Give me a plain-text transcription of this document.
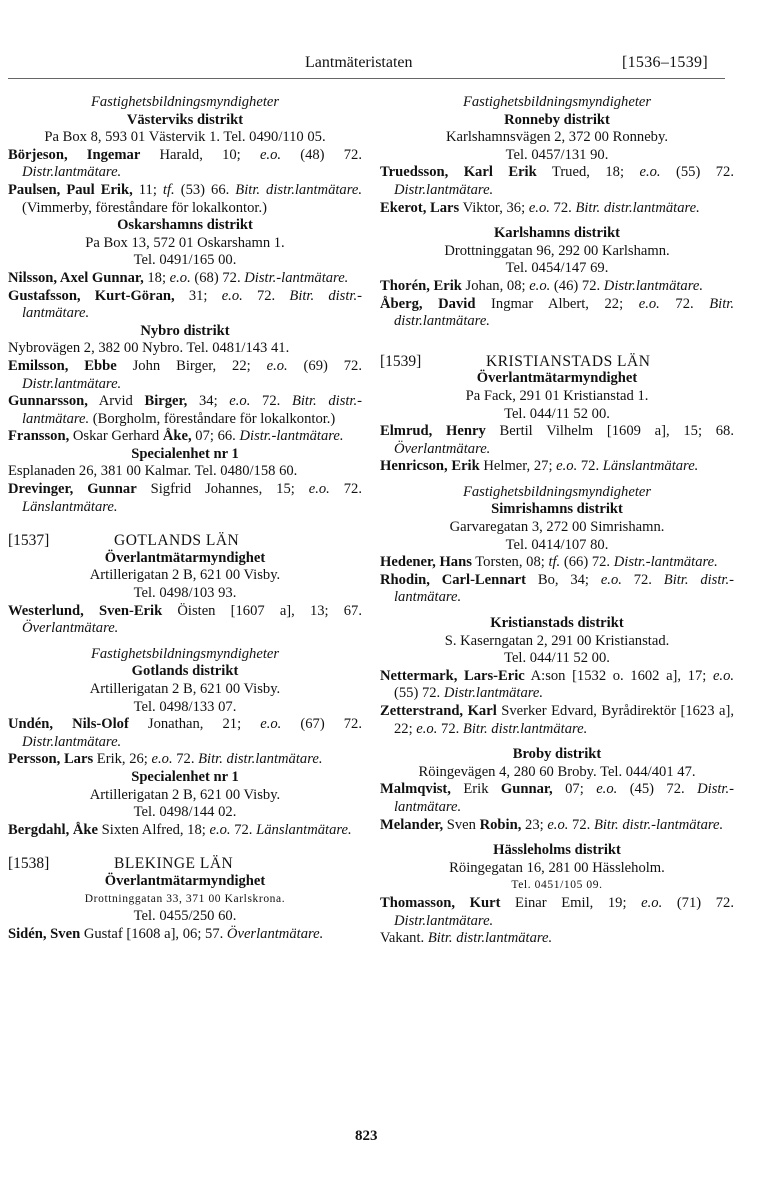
Lantmäteristaten	[1536–1539]
Fastighetsbildningsmyndigheter
Västerviks distrikt
Pa Box 8, 593 01 Västervik 1. Tel. 0490/110 05.
Börjeson, Ingemar Harald, 10; e.o. (48) 72. Distr.lantmätare.
Paulsen, Paul Erik, 11; tf. (53) 66. Bitr. distr.lantmätare. (Vimmerby, föreståndare för lokalkontor.)
Oskarshamns distrikt
Pa Box 13, 572 01 Oskarshamn 1.
Tel. 0491/165 00.
Nilsson, Axel Gunnar, 18; e.o. (68) 72. Distr.-lantmätare.
Gustafsson, Kurt-Göran, 31; e.o. 72. Bitr. distr.-lantmätare.
Nybro distrikt
Nybrovägen 2, 382 00 Nybro. Tel. 0481/143 41.
Emilsson, Ebbe John Birger, 22; e.o. (69) 72. Distr.lantmätare.
Gunnarsson, Arvid Birger, 34; e.o. 72. Bitr. distr.-lantmätare. (Borgholm, föreståndare för lokalkontor.)
Fransson, Oskar Gerhard Åke, 07; 66. Distr.-lantmätare.
Specialenhet nr 1
Esplanaden 26, 381 00 Kalmar. Tel. 0480/158 60.
Drevinger, Gunnar Sigfrid Johannes, 15; e.o. 72. Länslantmätare.
[1537]	GOTLANDS LÄN
Överlantmätarmyndighet
Artillerigatan 2 B, 621 00 Visby.
Tel. 0498/103 93.
Westerlund, Sven-Erik Öisten [1607 a], 13; 67. Överlantmätare.
Fastighetsbildningsmyndigheter
Gotlands distrikt
Artillerigatan 2 B, 621 00 Visby.
Tel. 0498/133 07.
Undén, Nils-Olof Jonathan, 21; e.o. (67) 72. Distr.lantmätare.
Persson, Lars Erik, 26; e.o. 72. Bitr. distr.lantmätare.
Specialenhet nr 1
Artillerigatan 2 B, 621 00 Visby.
Tel. 0498/144 02.
Bergdahl, Åke Sixten Alfred, 18; e.o. 72. Länslantmätare.
[1538]	BLEKINGE LÄN
Överlantmätarmyndighet
Drottninggatan 33, 371 00 Karlskrona.
Tel. 0455/250 60.
Sidén, Sven Gustaf [1608 a], 06; 57. Överlantmätare.
Fastighetsbildningsmyndigheter
Ronneby distrikt
Karlshamnsvägen 2, 372 00 Ronneby.
Tel. 0457/131 90.
Truedsson, Karl Erik Trued, 18; e.o. (55) 72. Distr.lantmätare.
Ekerot, Lars Viktor, 36; e.o. 72. Bitr. distr.lantmätare.
Karlshamns distrikt
Drottninggatan 96, 292 00 Karlshamn.
Tel. 0454/147 69.
Thorén, Erik Johan, 08; e.o. (46) 72. Distr.lantmätare.
Åberg, David Ingmar Albert, 22; e.o. 72. Bitr. distr.lantmätare.
[1539]	KRISTIANSTADS LÄN
Överlantmätarmyndighet
Pa Fack, 291 01 Kristianstad 1.
Tel. 044/11 52 00.
Elmrud, Henry Bertil Vilhelm [1609 a], 15; 68. Överlantmätare.
Henricson, Erik Helmer, 27; e.o. 72. Länslantmätare.
Fastighetsbildningsmyndigheter
Simrishamns distrikt
Garvaregatan 3, 272 00 Simrishamn.
Tel. 0414/107 80.
Hedener, Hans Torsten, 08; tf. (66) 72. Distr.-lantmätare.
Rhodin, Carl-Lennart Bo, 34; e.o. 72. Bitr. distr.-lantmätare.
Kristianstads distrikt
S. Kaserngatan 2, 291 00 Kristianstad.
Tel. 044/11 52 00.
Nettermark, Lars-Eric A:son [1532 o. 1602 a], 17; e.o. (55) 72. Distr.lantmätare.
Zetterstrand, Karl Sverker Edvard, Byrådirektör [1623 a], 22; e.o. 72. Bitr. distr.lantmätare.
Broby distrikt
Röingevägen 4, 280 60 Broby. Tel. 044/401 47.
Malmqvist, Erik Gunnar, 07; e.o. (45) 72. Distr.-lantmätare.
Melander, Sven Robin, 23; e.o. 72. Bitr. distr.-lantmätare.
Hässleholms distrikt
Röingegatan 16, 281 00 Hässleholm.
Tel. 0451/105 09.
Thomasson, Kurt Einar Emil, 19; e.o. (71) 72. Distr.lantmätare.
Vakant. Bitr. distr.lantmätare.
823
